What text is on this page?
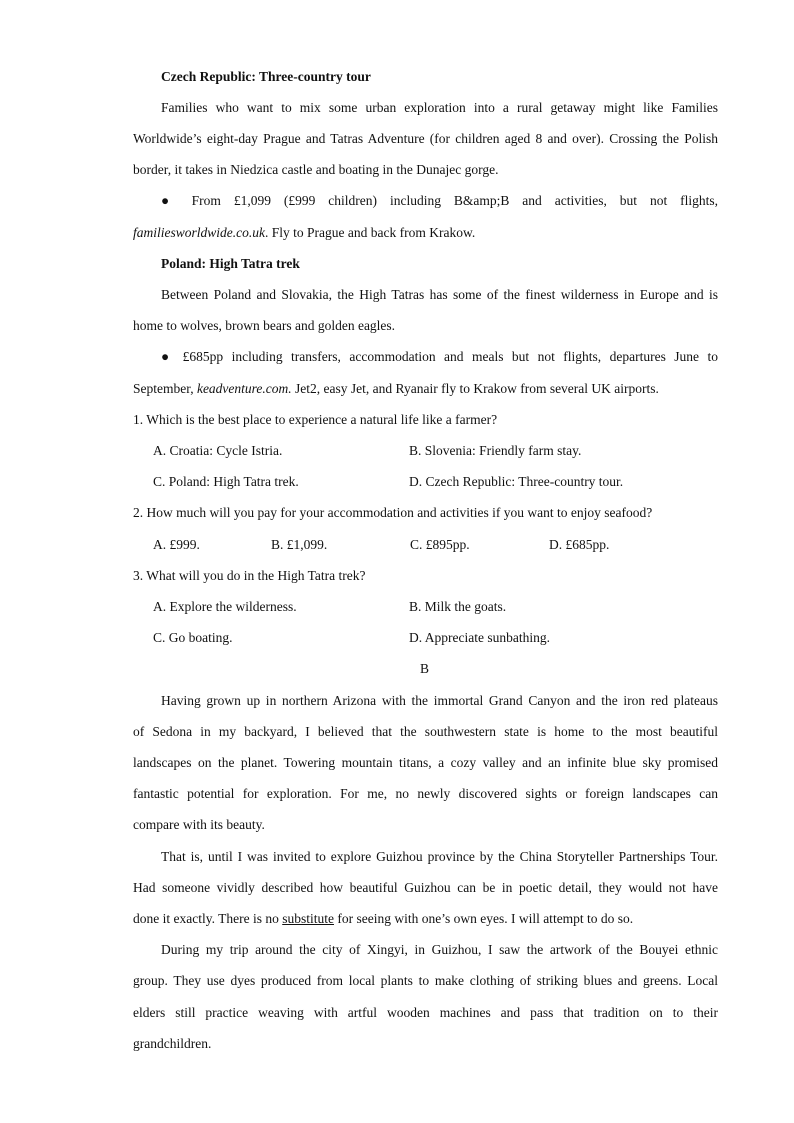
Czech Republic: Three-country tour
Families who want to mix some urban exploration into a rural getaway might like Families
Worldwide’s eight-day Prague and Tatras Adventure (for children aged 8 and over). Crossing the Polish
border, it takes in Niedzica castle and boating in the Dunajec gorge.
● From £1,099 (£999 children) including B&amp;B and activities, but not flights,
familiesworldwide.co.uk. Fly to Prague and back from Krakow.
Poland: High Tatra trek
Between Poland and Slovakia, the High Tatras has some of the finest wilderness in Europe and is
home to wolves, brown bears and golden eagles.
● £685pp including transfers, accommodation and meals but not flights, departures June to
September, keadventure.com. Jet2, easy Jet, and Ryanair fly to Krakow from several UK airports.
1. Which is the best place to experience a natural life like a farmer?
A. Croatia: Cycle Istria.	B. Slovenia: Friendly farm stay.
C. Poland: High Tatra trek.	D. Czech Republic: Three-country tour.
2. How much will you pay for your accommodation and activities if you want to enjoy seafood?
A. £999.	B. £1,099.	C. £895pp.	D. £685pp.
3. What will you do in the High Tatra trek?
A. Explore the wilderness.	B. Milk the goats.
C. Go boating.	D. Appreciate sunbathing.
B
Having grown up in northern Arizona with the immortal Grand Canyon and the iron red plateaus
of Sedona in my backyard, I believed that the southwestern state is home to the most beautiful
landscapes on the planet. Towering mountain titans, a cozy valley and an infinite blue sky promised
fantastic potential for exploration. For me, no newly discovered sights or foreign landscapes can
compare with its beauty.
That is, until I was invited to explore Guizhou province by the China Storyteller Partnerships Tour.
Had someone vividly described how beautiful Guizhou can be in poetic detail, they would not have
done it exactly. There is no substitute for seeing with one’s own eyes. I will attempt to do so.
During my trip around the city of Xingyi, in Guizhou, I saw the artwork of the Bouyei ethnic
group. They use dyes produced from local plants to make clothing of striking blues and greens. Local
elders still practice weaving with artful wooden machines and pass that tradition on to their
grandchildren.
